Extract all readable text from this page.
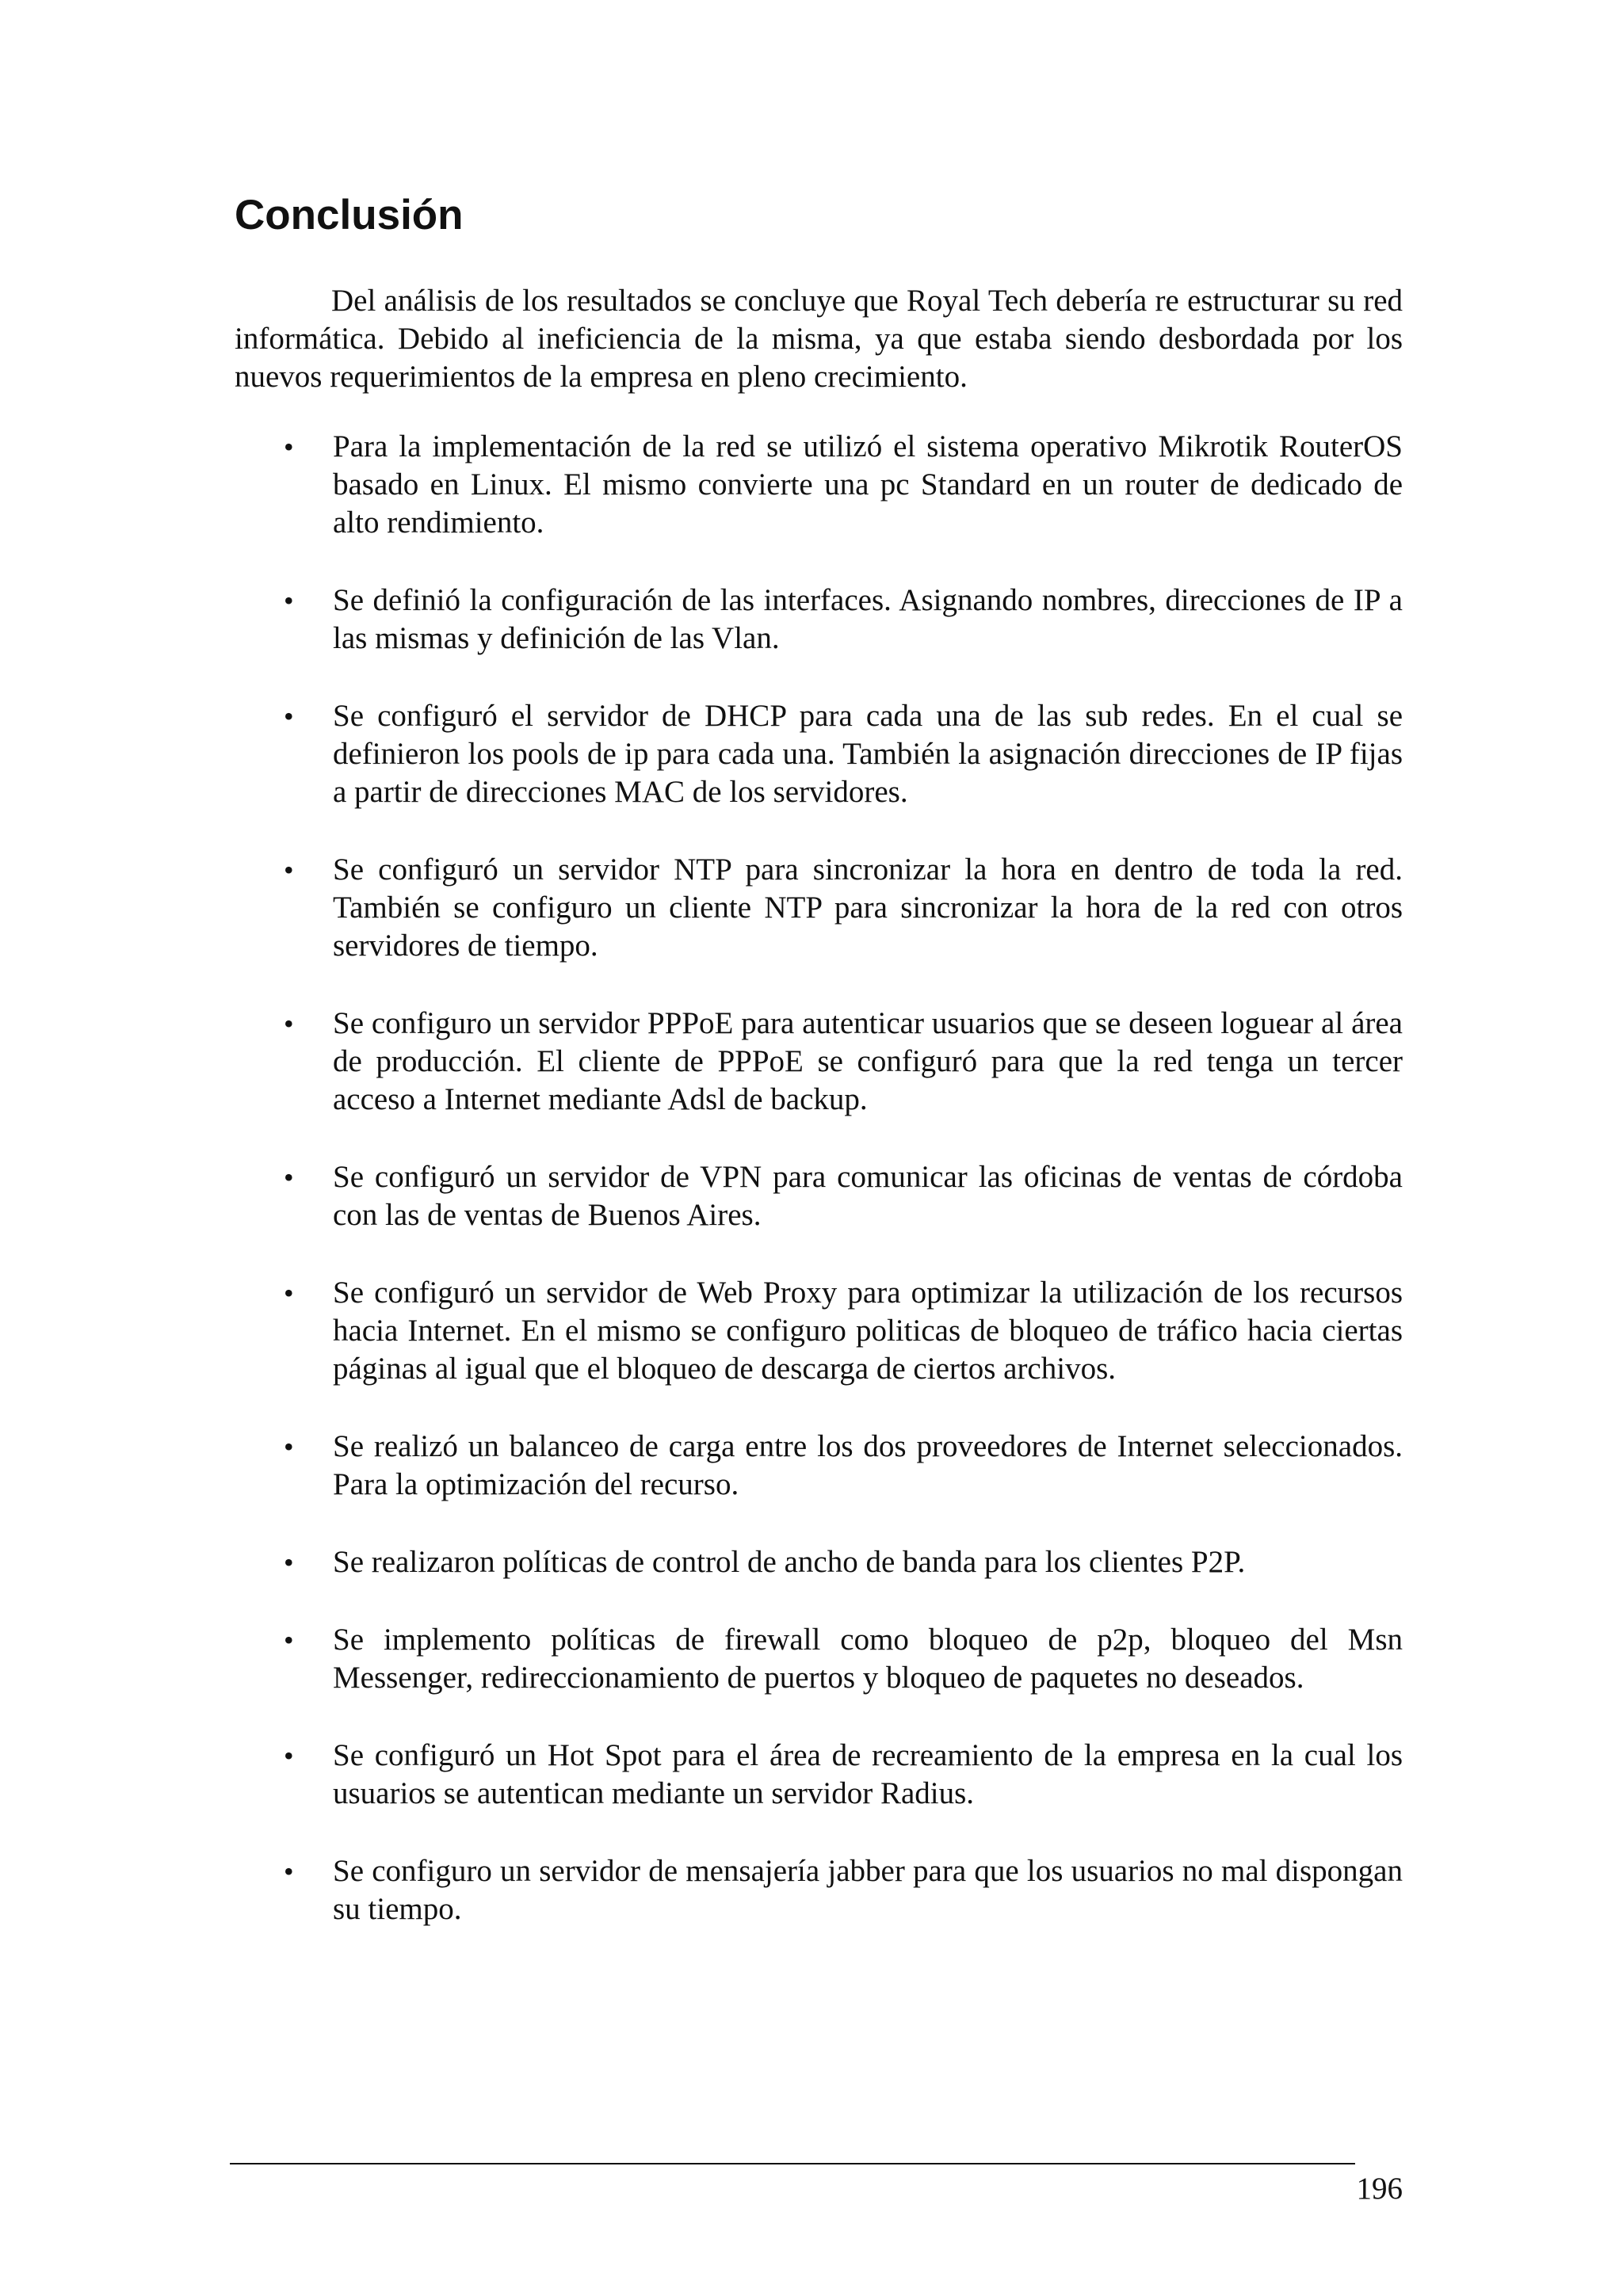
Conclusión

Del análisis de los resultados se concluye que Royal Tech debería re estructurar su red informática. Debido al ineficiencia de la misma, ya que estaba siendo desbordada por los nuevos requerimientos de la empresa en pleno crecimiento.

• Para la implementación de la red se utilizó el sistema operativo Mikrotik RouterOS basado en Linux. El mismo convierte una pc Standard en un router de dedicado de alto rendimiento.
• Se definió la configuración de las interfaces. Asignando nombres, direcciones de IP a las mismas y definición de las Vlan.
• Se configuró el servidor de DHCP para cada una de las sub redes. En el cual se definieron los pools de ip para cada una. También la asignación direcciones de IP fijas a partir de direcciones MAC de los servidores.
• Se configuró un servidor NTP para sincronizar la hora en dentro de toda la red. También se configuro un cliente NTP para sincronizar la hora de la red con otros servidores de tiempo.
• Se configuro un servidor PPPoE para autenticar usuarios que se deseen loguear al área de producción. El cliente de PPPoE se configuró para que la red tenga un tercer acceso a Internet mediante Adsl de backup.
• Se configuró un servidor de VPN para comunicar las oficinas de ventas de córdoba con las de ventas de Buenos Aires.
• Se configuró un servidor de Web Proxy para optimizar la utilización de los recursos hacia Internet. En el mismo se configuro politicas de bloqueo de tráfico hacia ciertas páginas al igual que el bloqueo de descarga de ciertos archivos.
• Se realizó un balanceo de carga entre los dos proveedores de Internet seleccionados. Para la optimización del recurso.
• Se realizaron políticas de control de ancho de banda para los clientes P2P.
• Se implemento políticas de firewall como bloqueo de p2p, bloqueo del Msn Messenger, redireccionamiento de puertos y bloqueo de paquetes no deseados.
• Se configuró un Hot Spot para el área de recreamiento de la empresa en la cual los usuarios se autentican mediante un servidor Radius.
• Se configuro un servidor de mensajería jabber para que los usuarios no mal dispongan su tiempo.
196
